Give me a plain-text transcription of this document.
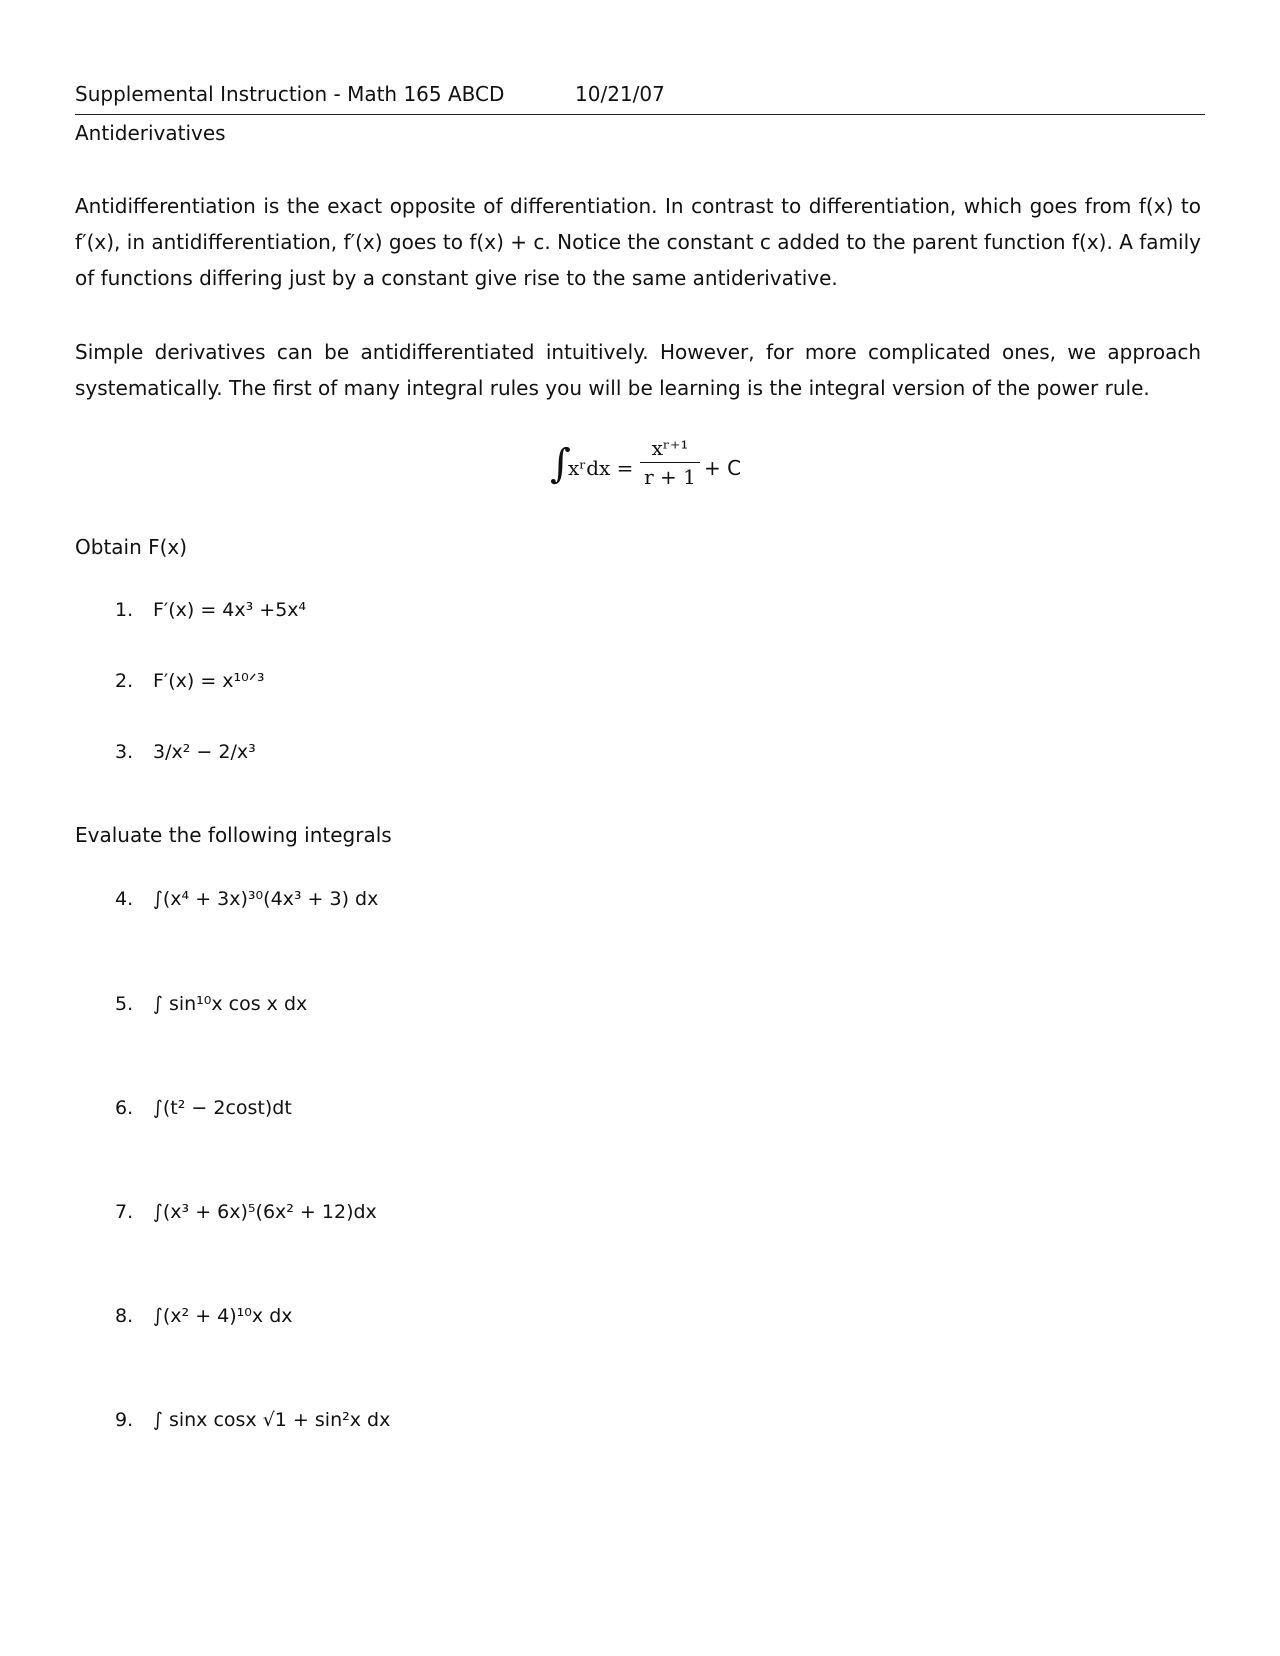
Supplemental Instruction - Math 165 ABCD	10/21/07
Antiderivatives
Antidifferentiation is the exact opposite of differentiation. In contrast to differentiation, which goes from f(x) to f′(x), in antidifferentiation, f′(x) goes to f(x) + c. Notice the constant c added to the parent function f(x). A family of functions differing just by a constant give rise to the same antiderivative.
Simple derivatives can be antidifferentiated intuitively. However, for more complicated ones, we approach systematically. The first of many integral rules you will be learning is the integral version of the power rule.
∫
xʳdx = $\frac{\text{xʳ⁺¹}}{r + 1} + C$
Obtain F(x)
1. F′(x) = 4x³ +5x⁴
2. F′(x) = x¹⁰ᐟ³
3. 3/x² − 2/x³
Evaluate the following integrals
4. ∫(x⁴ + 3x)³⁰(4x³ + 3) dx
5. ∫ sin¹⁰x cos x dx
6. ∫(t² − 2cost)dt
7. ∫(x³ + 6x)⁵(6x² + 12)dx
8. ∫(x² + 4)¹⁰x dx
9. ∫ sinx cosx √1 + sin²x dx
